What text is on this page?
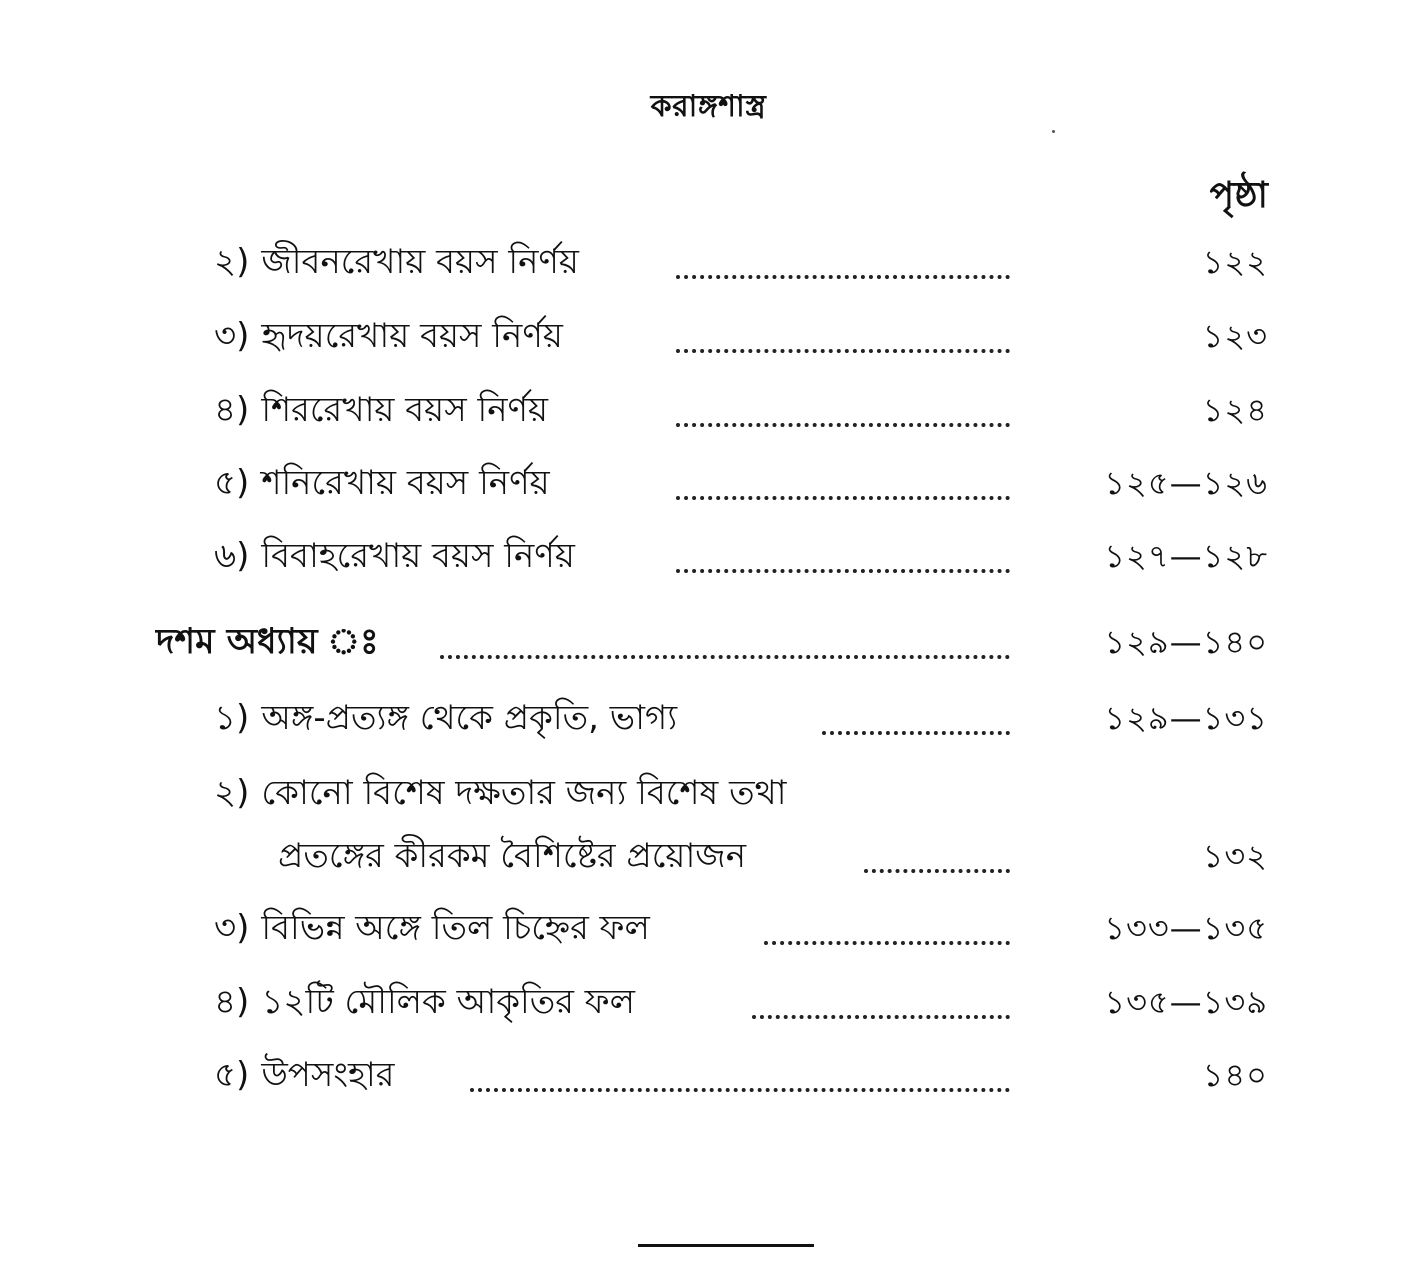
করাঙ্গশাস্ত্র
পৃষ্ঠা
২) জীবনরেখায় বয়স নির্ণয়	১২২
৩) হৃদয়রেখায় বয়স নির্ণয়	১২৩
৪) শিররেখায় বয়স নির্ণয়	১২৪
৫) শনিরেখায় বয়স নির্ণয়	১২৫—১২৬
৬) বিবাহরেখায় বয়স নির্ণয়	১২৭—১২৮
দশম অধ্যায় ঃ	১২৯—১৪০
১) অঙ্গ-প্রত্যঙ্গ থেকে প্রকৃতি, ভাগ্য	১২৯—১৩১
২) কোনো বিশেষ দক্ষতার জন্য বিশেষ তথা
প্রতঙ্গের কীরকম বৈশিষ্টের প্রয়োজন	১৩২
৩) বিভিন্ন অঙ্গে তিল চিহ্নের ফল	১৩৩—১৩৫
৪) ১২টি মৌলিক আকৃতির ফল	১৩৫—১৩৯
৫) উপসংহার	১৪০
